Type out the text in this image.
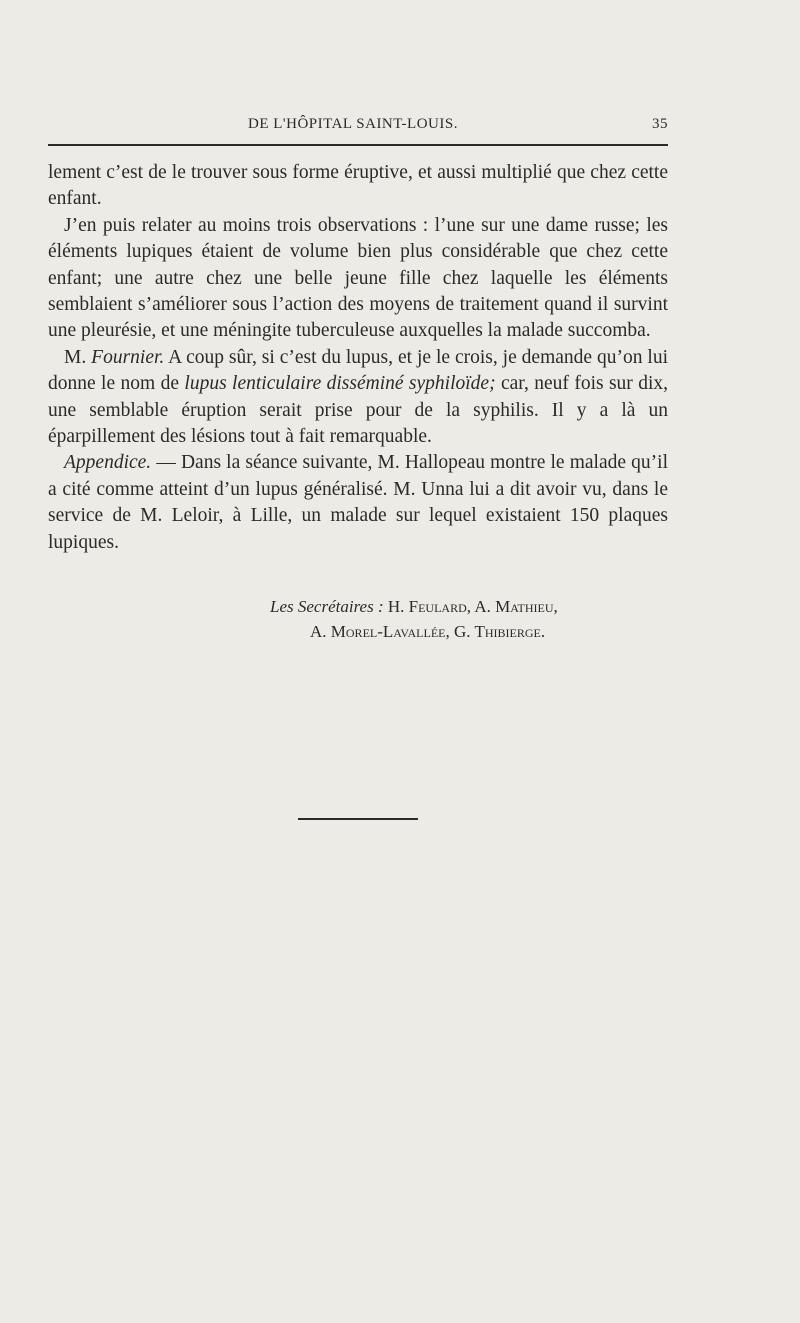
DE L'HÔPITAL SAINT-LOUIS.	35

lement c’est de le trouver sous forme éruptive, et aussi multiplié que chez cette enfant.

J’en puis relater au moins trois observations : l’une sur une dame russe; les éléments lupiques étaient de volume bien plus considérable que chez cette enfant; une autre chez une belle jeune fille chez laquelle les éléments semblaient s’améliorer sous l’action des moyens de traitement quand il survint une pleurésie, et une méningite tuberculeuse auxquelles la malade succomba.

M. Fournier. A coup sûr, si c’est du lupus, et je le crois, je demande qu’on lui donne le nom de lupus lenticulaire disséminé syphiloïde; car, neuf fois sur dix, une semblable éruption serait prise pour de la syphilis. Il y a là un éparpillement des lésions tout à fait remarquable.

Appendice. — Dans la séance suivante, M. Hallopeau montre le malade qu’il a cité comme atteint d’un lupus généralisé. M. Unna lui a dit avoir vu, dans le service de M. Leloir, à Lille, un malade sur lequel existaient 150 plaques lupiques.

Les Secrétaires : H. Feulard, A. Mathieu,
A. Morel-Lavallée, G. Thibierge.
